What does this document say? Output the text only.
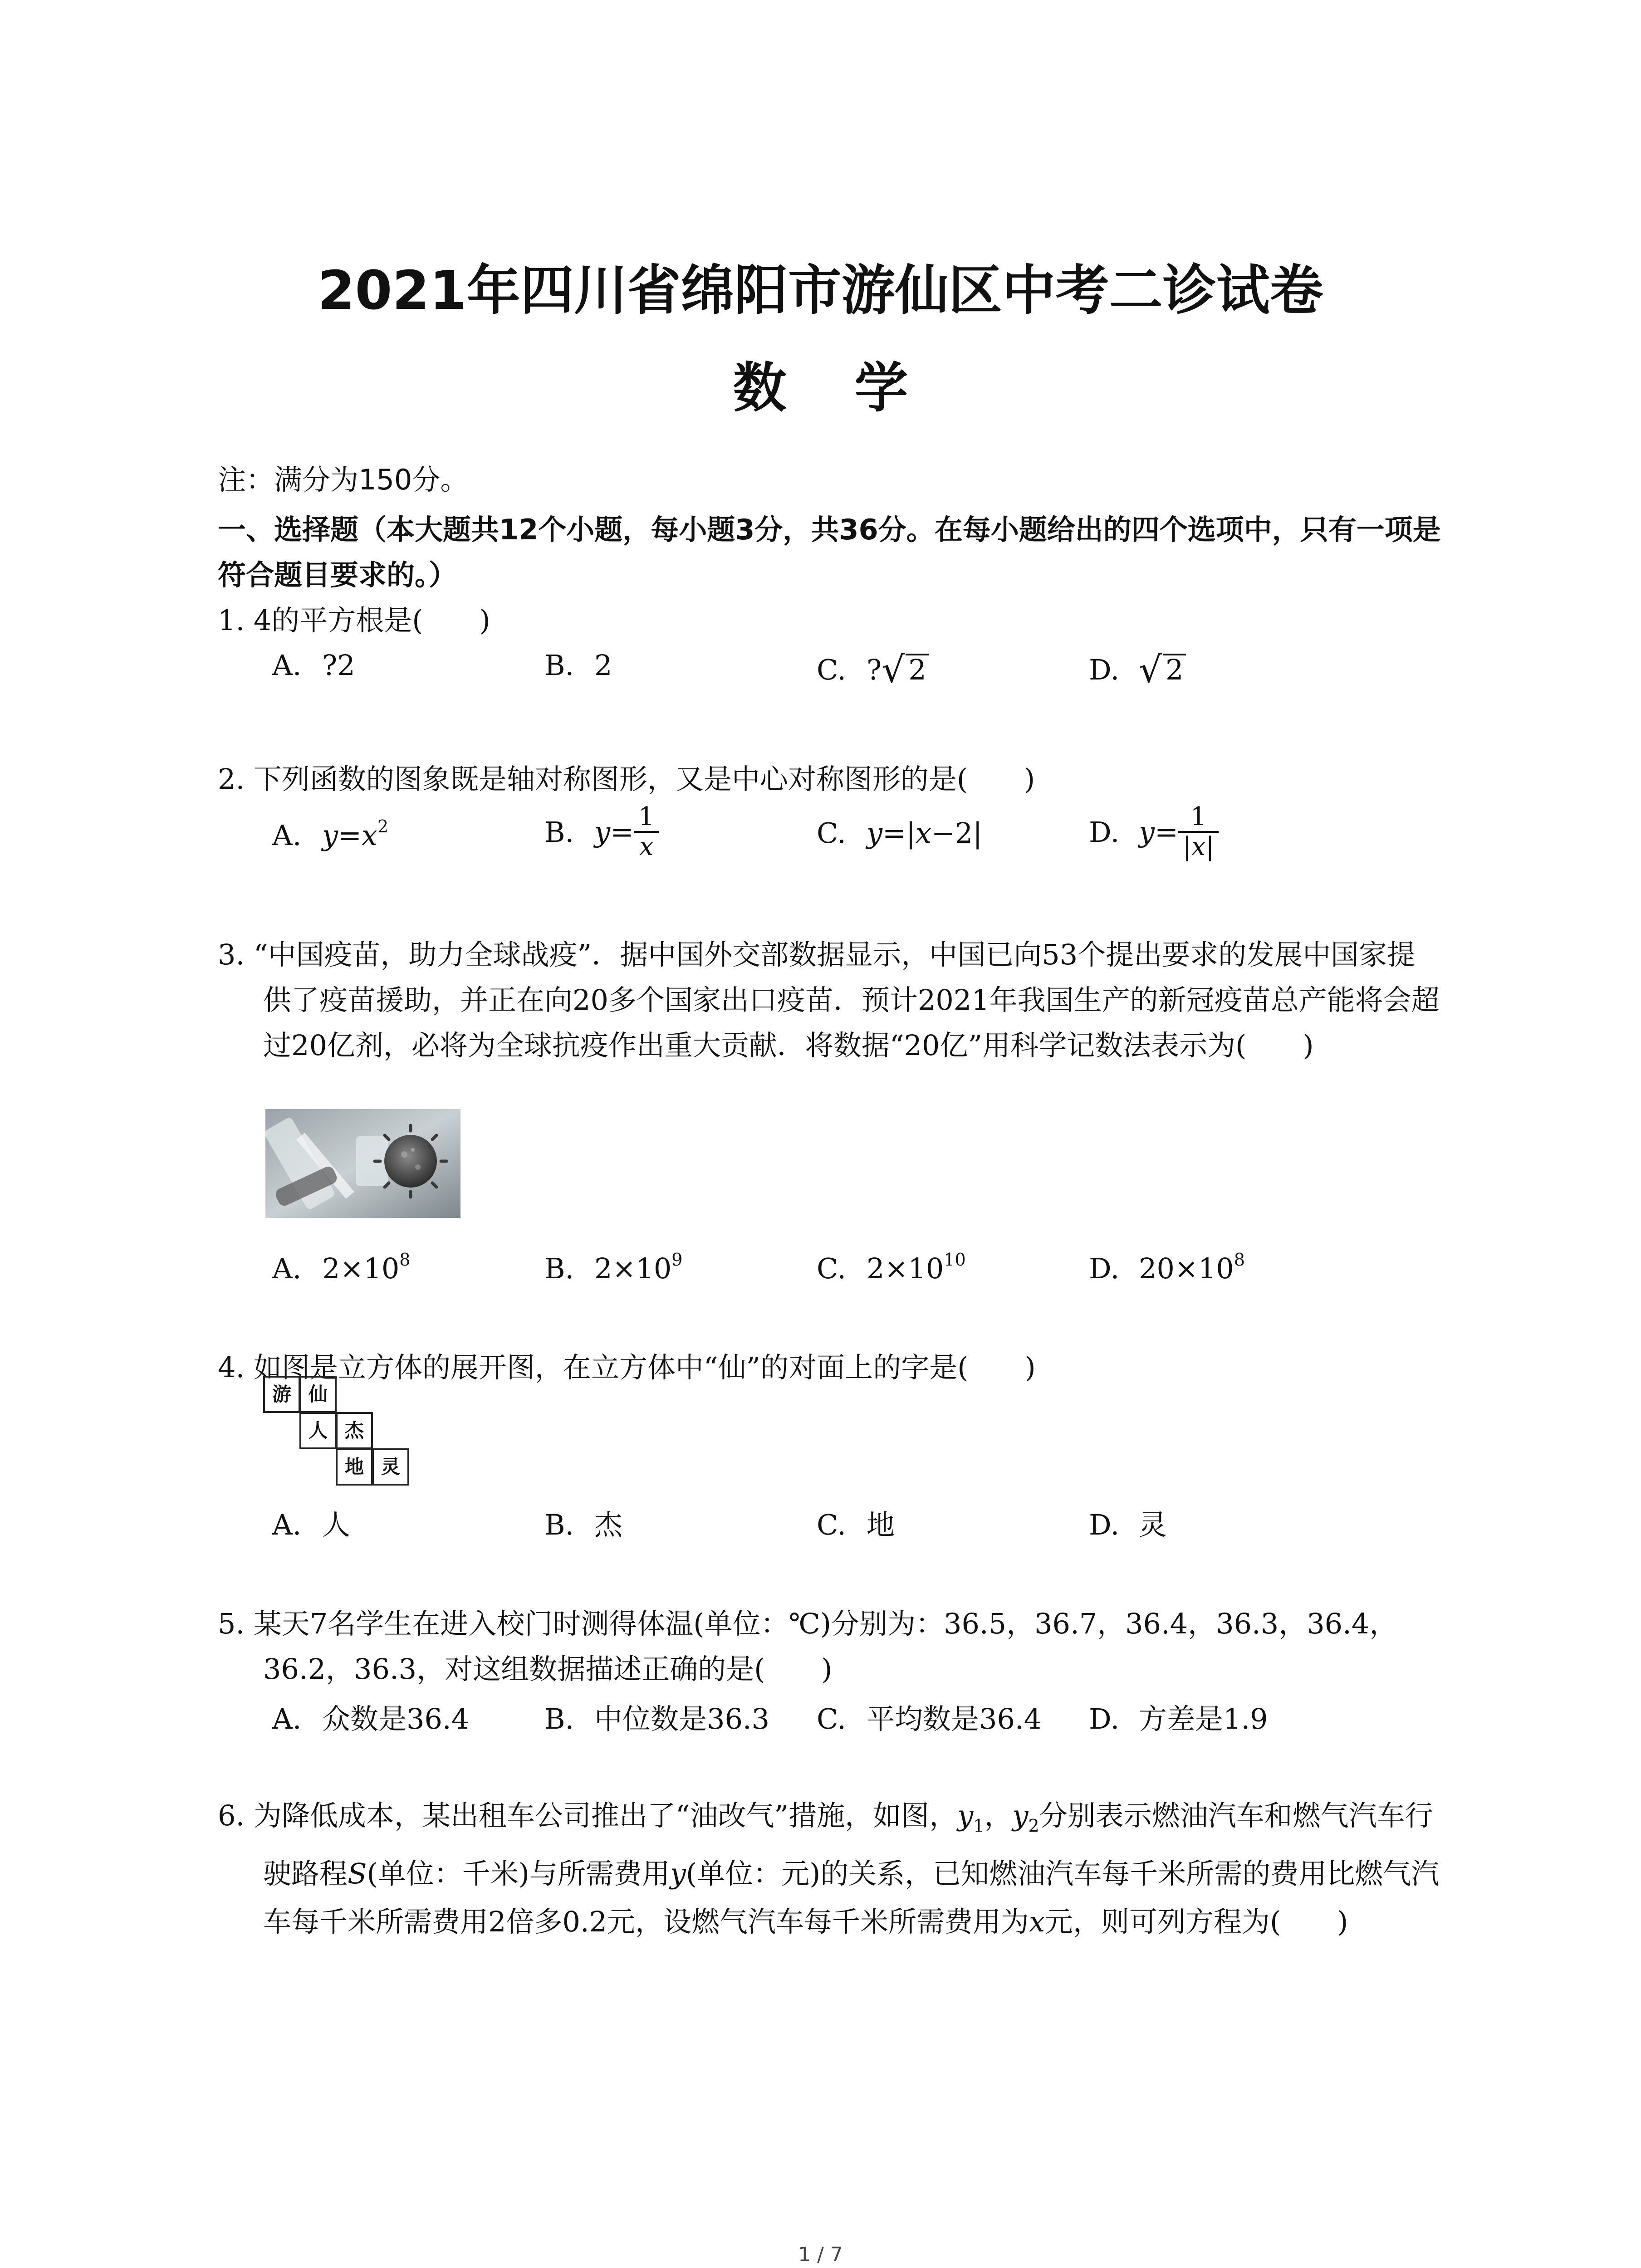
2021年四川省绵阳市游仙区中考二诊试卷
数学
注：满分为150分。
一、选择题（本大题共12个小题，每小题3分，共36分。在每小题给出的四个选项中，只有一项是符合题目要求的。）
1. 4的平方根是(　　)
A. ?2	B. 2	C. ?√ 2	D. √ 2
2. 下列函数的图象既是轴对称图形，又是中心对称图形的是(　　)
A. $y=x^2$	B. $y= \frac{1}{x}$	C. y=|x−2|	D. $y= \frac{1}{|x|}$
3. “中国疫苗，助力全球战疫”．据中国外交部数据显示，中国已向53个提出要求的发展中国家提供了疫苗援助，并正在向20多个国家出口疫苗．预计2021年我国生产的新冠疫苗总产能将会超过20亿剂，必将为全球抗疫作出重大贡献．将数据“20亿”用科学记数法表示为(　　)
A. $2\times 10^8$	B. $2\times 10^9$	C. $2\times 10^{10}$	D. $20\times 10^8$
4. 如图是立方体的展开图，在立方体中“仙”的对面上的字是(　　)
游 仙
人 杰
地 灵
A. 人	B. 杰	C. 地	D. 灵
5. 某天7名学生在进入校门时测得体温(单位：℃)分别为：36.5，36.7，36.4，36.3，36.4，36.2，36.3，对这组数据描述正确的是(　　)
A. 众数是36.4	B. 中位数是36.3 C. 平均数是36.4 D. 方差是1.9
6. 为降低成本，某出租车公司推出了“油改气”措施，如图，$y_1$，$y_2$分别表示燃油汽车和燃气汽车行驶路程S(单位：千米)与所需费用y(单位：元)的关系，已知燃油汽车每千米所需的费用比燃气汽车每千米所需费用2倍多0.2元，设燃气汽车每千米所需费用为x元，则可列方程为(　　)
1 / 7
